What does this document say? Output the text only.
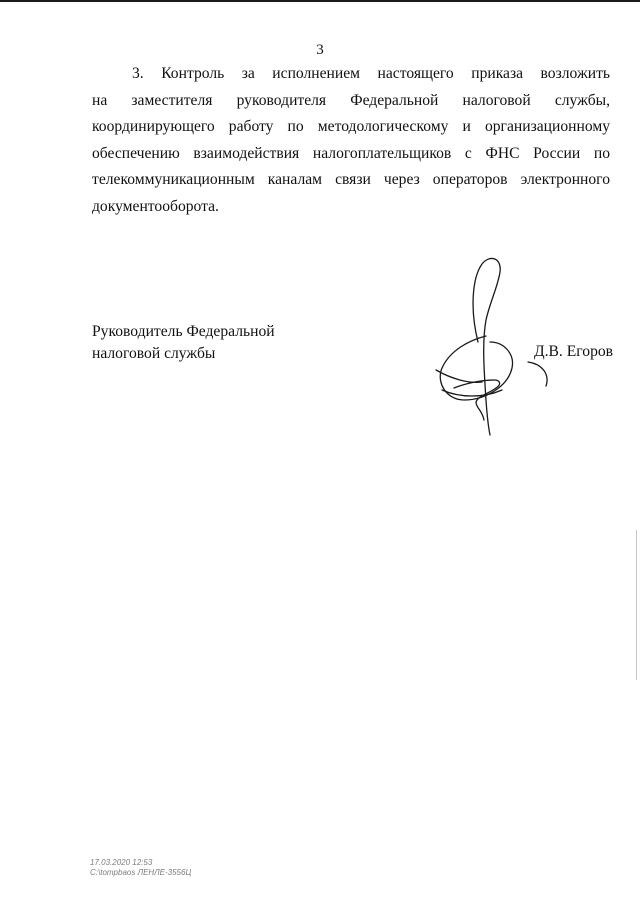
3
3. Контроль за исполнением настоящего приказа возложить
на заместителя руководителя Федеральной налоговой службы,
координирующего работу по методологическому и организационному
обеспечению взаимодействия налогоплательщиков с ФНС России по
телекоммуникационным каналам связи через операторов электронного
документооборота.
Руководитель Федеральной
налоговой службы	Д.В. Егоров
17.03.2020 12:53
С:\tompbaos ЛЕНЛЕ-3556Ц
